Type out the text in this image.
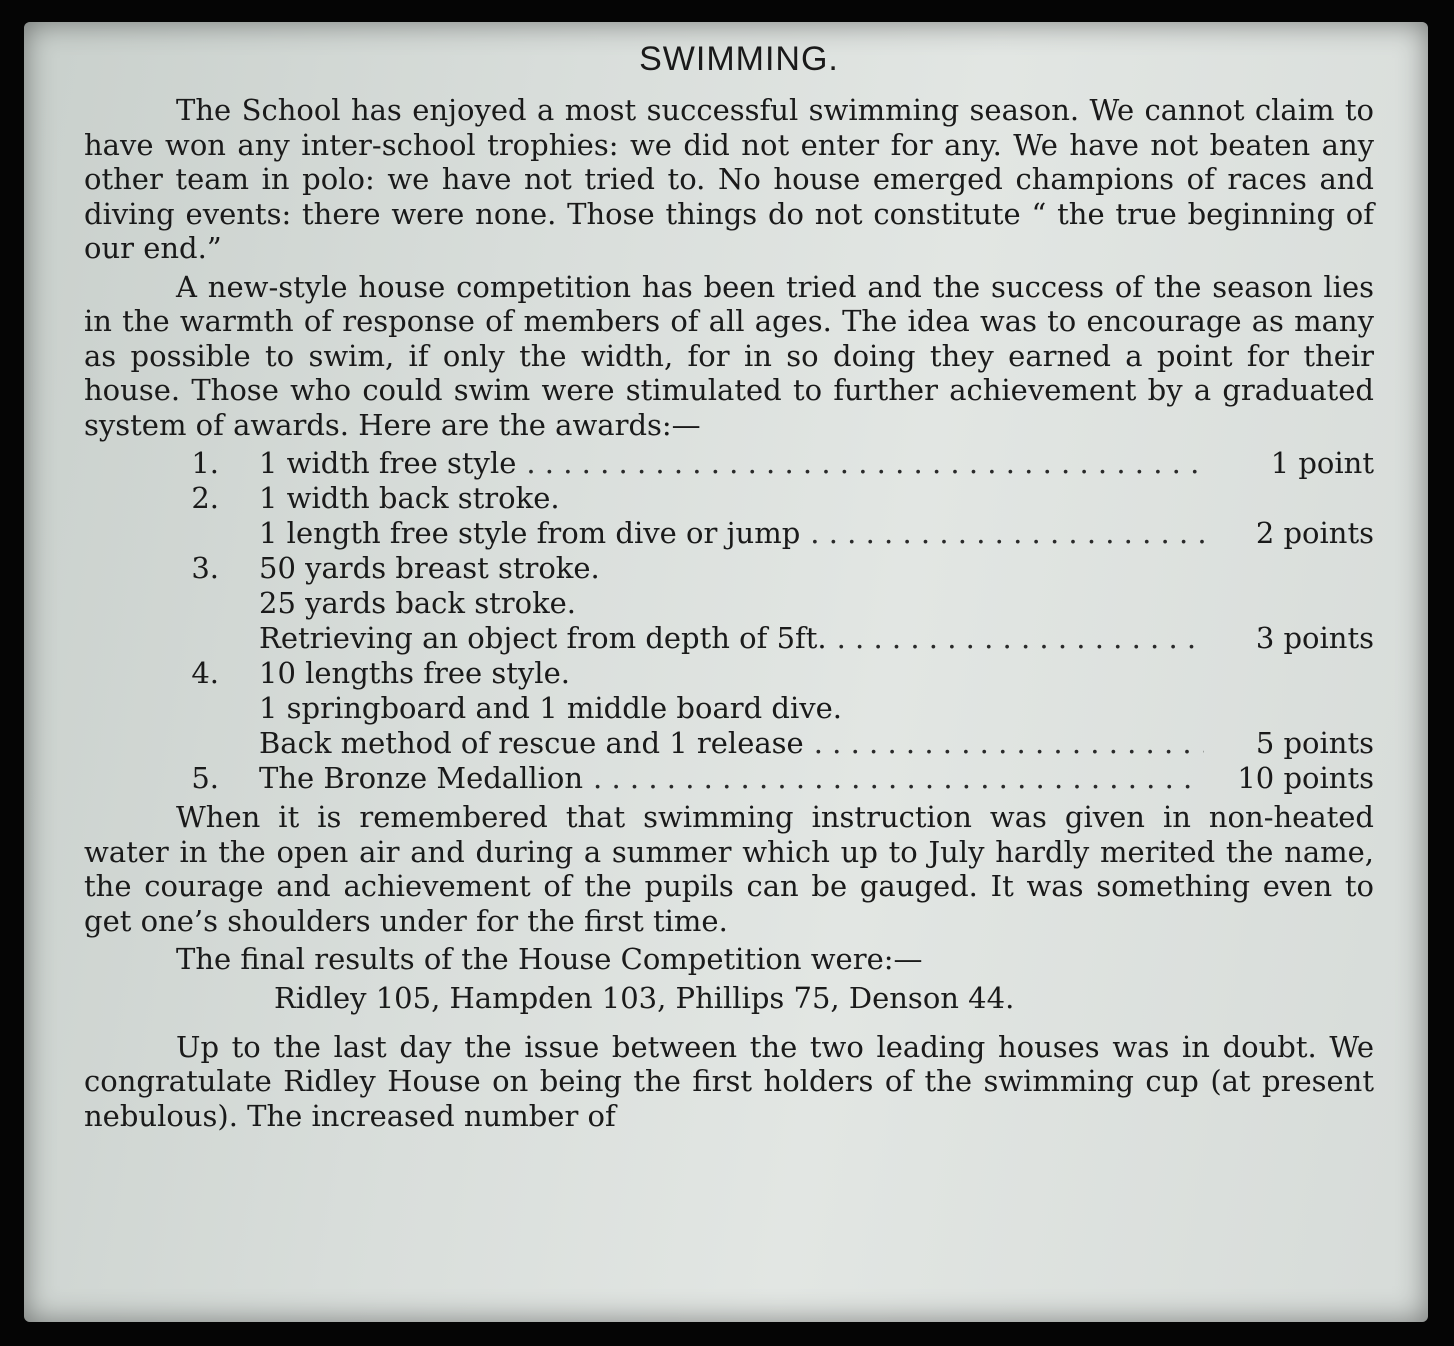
SWIMMING.

The School has enjoyed a most successful swimming season. We cannot claim to have won any inter-school trophies: we did not enter for any. We have not beaten any other team in polo: we have not tried to. No house emerged champions of races and diving events: there were none. Those things do not constitute “ the true beginning of our end.”

A new-style house competition has been tried and the success of the season lies in the warmth of response of members of all ages. The idea was to encourage as many as possible to swim, if only the width, for in so doing they earned a point for their house. Those who could swim were stimulated to further achievement by a graduated system of awards. Here are the awards:—

1.	1 width free style . . .	1 point
2.	1 width back stroke.
1 length free style from dive or jump . . .	2 points
3.	50 yards breast stroke.
25 yards back stroke.
Retrieving an object from depth of 5ft. . . .	3 points
4.	10 lengths free style.
1 springboard and 1 middle board dive.
Back method of rescue and 1 release . . .	5 points
5.	The Bronze Medallion . . .	10 points

When it is remembered that swimming instruction was given in non-heated water in the open air and during a summer which up to July hardly merited the name, the courage and achievement of the pupils can be gauged. It was something even to get one’s shoulders under for the first time.

The final results of the House Competition were:—

Ridley 105, Hampden 103, Phillips 75, Denson 44.

Up to the last day the issue between the two leading houses was in doubt. We congratulate Ridley House on being the first holders of the swimming cup (at present nebulous). The increased number of
